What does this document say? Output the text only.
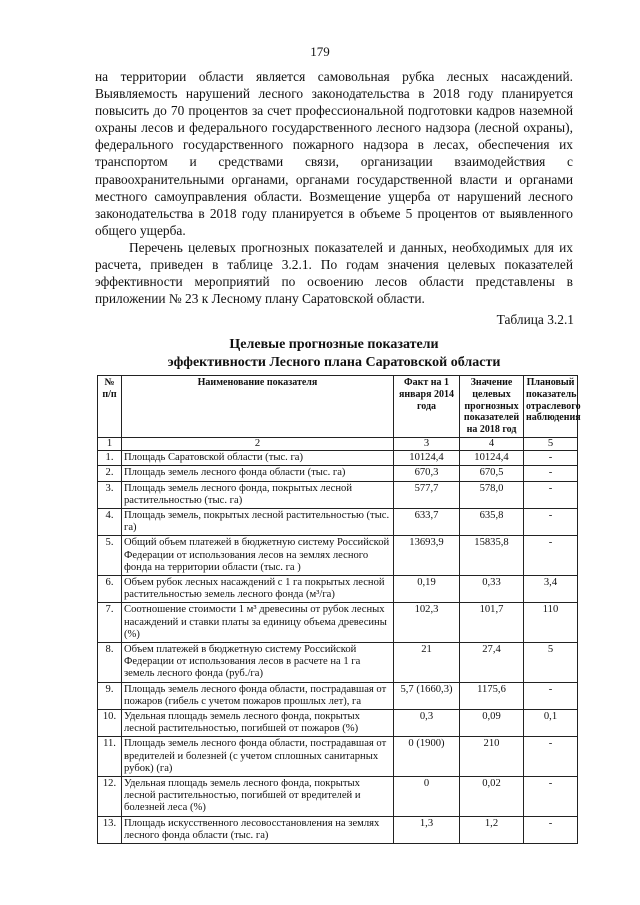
179

на территории области является самовольная рубка лесных насаждений. Выявляемость нарушений лесного законодательства в 2018 году планируется повысить до 70 процентов за счет профессиональной подготовки кадров наземной охраны лесов и федерального государственного лесного надзора (лесной охраны), федерального государственного пожарного надзора в лесах, обеспечения их транспортом и средствами связи, организации взаимодействия с правоохранительными органами, органами государственной власти и органами местного самоуправления области. Возмещение ущерба от нарушений лесного законодательства в 2018 году планируется в объеме 5 процентов от выявленного общего ущерба.

Перечень целевых прогнозных показателей и данных, необходимых для их расчета, приведен в таблице 3.2.1. По годам значения целевых показателей эффективности мероприятий по освоению лесов области представлены в приложении № 23 к Лесному плану Саратовской области.

Таблица 3.2.1
Целевые прогнозные показатели
эффективности Лесного плана Саратовской области
№ п/п	Наименование показателя	Факт на 1 января 2014 года	Значение целевых прогнозных показателей на 2018 год	Плановый показатель отраслевого наблюдения
1	2	3	4	5
1.	Площадь Саратовской области (тыс. га)	10124,4	10124,4	-
2.	Площадь земель лесного фонда области (тыс. га)	670,3	670,5	-
3.	Площадь земель лесного фонда, покрытых лесной растительностью (тыс. га)	577,7	578,0	-
4.	Площадь земель, покрытых лесной растительностью (тыс. га)	633,7	635,8	-
5.	Общий объем платежей в бюджетную систему Российской Федерации от использования лесов на землях лесного фонда на территории области (тыс. га )	13693,9	15835,8	-
6.	Объем рубок лесных насаждений с 1 га покрытых лесной растительностью земель лесного фонда (м³/га)	0,19	0,33	3,4
7.	Соотношение стоимости 1 м³ древесины от рубок лесных насаждений и ставки платы за единицу объема древесины (%)	102,3	101,7	110
8.	Объем платежей в бюджетную систему Российской Федерации от использования лесов в расчете на 1 га земель лесного фонда (руб./га)	21	27,4	5
9.	Площадь земель лесного фонда области, пострадавшая от пожаров (гибель с учетом пожаров прошлых лет), га	5,7 (1660,3)	1175,6	-
10.	Удельная площадь земель лесного фонда, покрытых лесной растительностью, погибшей от пожаров (%)	0,3	0,09	0,1
11.	Площадь земель лесного фонда области, пострадавшая от вредителей и болезней (с учетом сплошных санитарных рубок) (га)	0 (1900)	210	-
12.	Удельная площадь земель лесного фонда, покрытых лесной растительностью, погибшей от вредителей и болезней леса (%)	0	0,02	-
13.	Площадь искусственного лесовосстановления на землях лесного фонда области (тыс. га)	1,3	1,2	-
